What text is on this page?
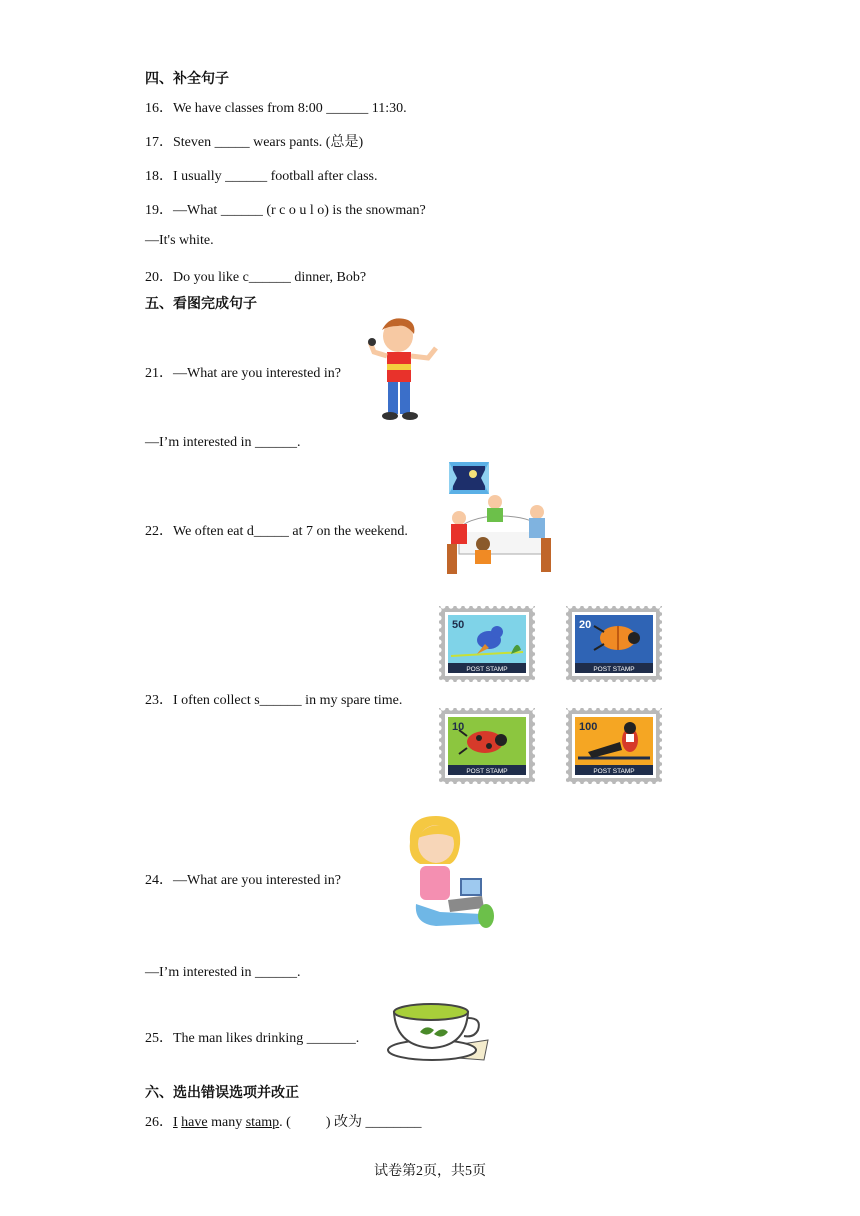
四、补全句子
16．We have classes from 8:00 ______ 11:30.
17．Steven _____ wears pants. (总是)
18．I usually ______ football after class.
19．—What ______ (r c o u l o) is the snowman?
—It's white.
20．Do you like c______ dinner, Bob?
五、看图完成句子
21．—What are you interested in?
—I’m interested in ______.
22．We often eat d_____ at 7 on the weekend.
23．I often collect s______ in my spare time.
50
POST STAMP
20
POST STAMP
10
POST STAMP
100
POST STAMP
24．—What are you interested in?
—I’m interested in ______.
25．The man likes drinking _______.
六、选出错误选项并改正
26．I have many stamp. (          ) 改为 ________
试卷第2页，共5页
